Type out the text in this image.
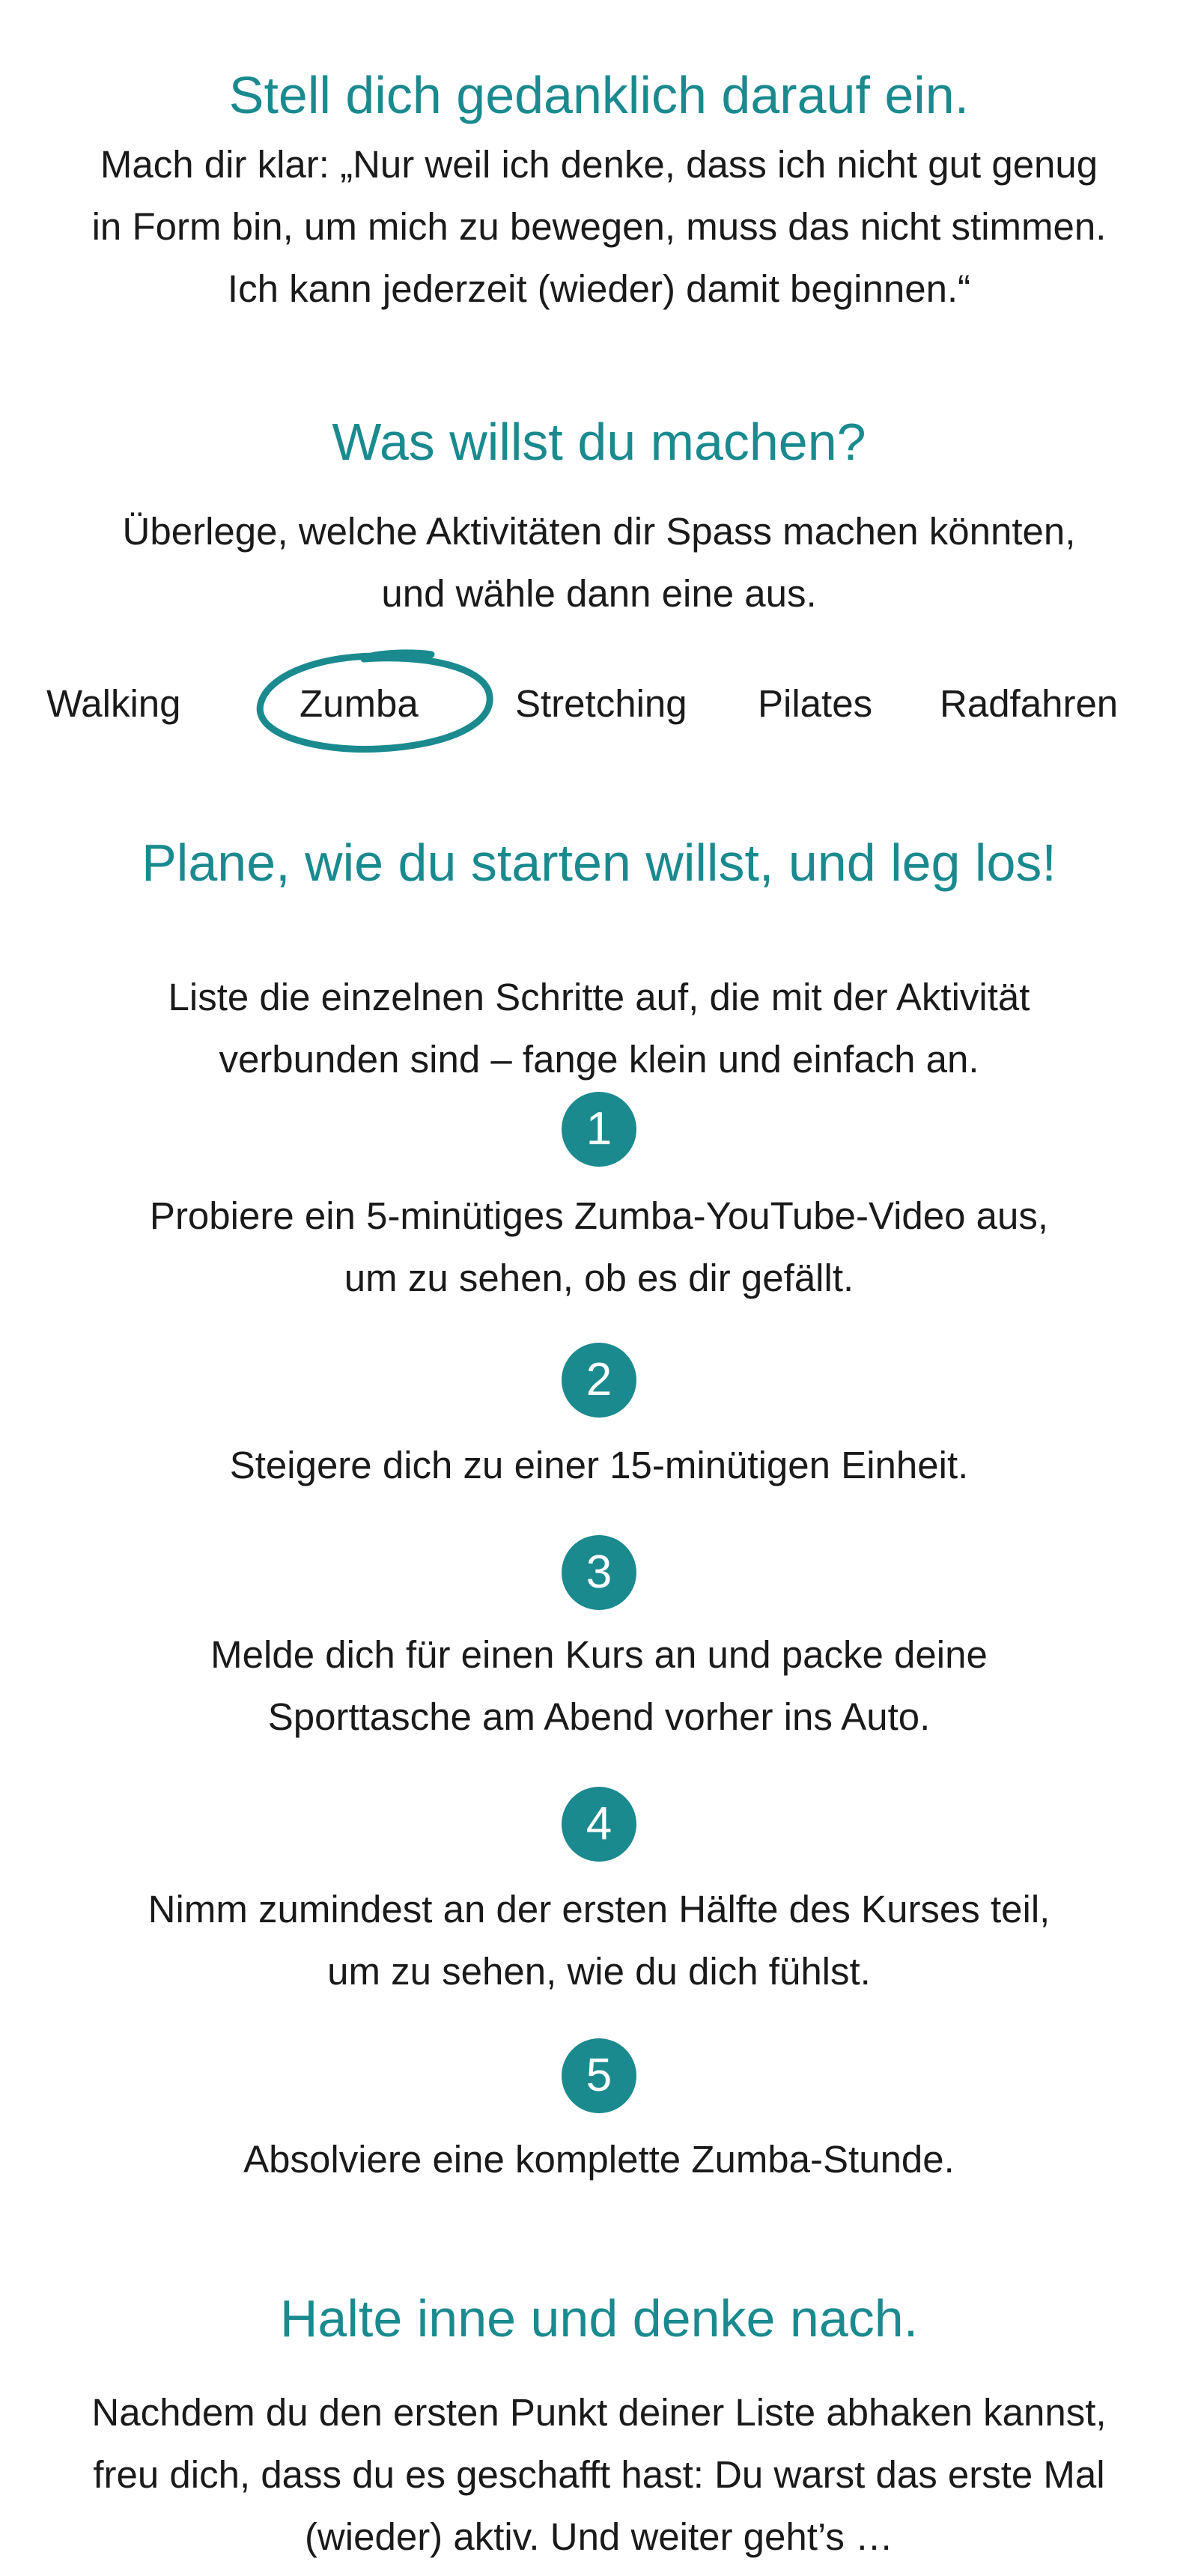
Stell dich gedanklich darauf ein.

Mach dir klar: „Nur weil ich denke, dass ich nicht gut genug
in Form bin, um mich zu bewegen, muss das nicht stimmen.
Ich kann jederzeit (wieder) damit beginnen.“

Was willst du machen?

Überlege, welche Aktivitäten dir Spass machen könnten,
und wähle dann eine aus.

Walking	Zumba	Stretching Pilates Radfahren
Plane, wie du starten willst, und leg los!

Liste die einzelnen Schritte auf, die mit der Aktivität
verbunden sind – fange klein und einfach an.

1

Probiere ein 5-minütiges Zumba-YouTube-Video aus,
um zu sehen, ob es dir gefällt.

2

Steigere dich zu einer 15-minütigen Einheit.

3

Melde dich für einen Kurs an und packe deine
Sporttasche am Abend vorher ins Auto.

4

Nimm zumindest an der ersten Hälfte des Kurses teil,
um zu sehen, wie du dich fühlst.

5

Absolviere eine komplette Zumba-Stunde.

Halte inne und denke nach.

Nachdem du den ersten Punkt deiner Liste abhaken kannst,
freu dich, dass du es geschafft hast: Du warst das erste Mal
(wieder) aktiv. Und weiter geht’s …
